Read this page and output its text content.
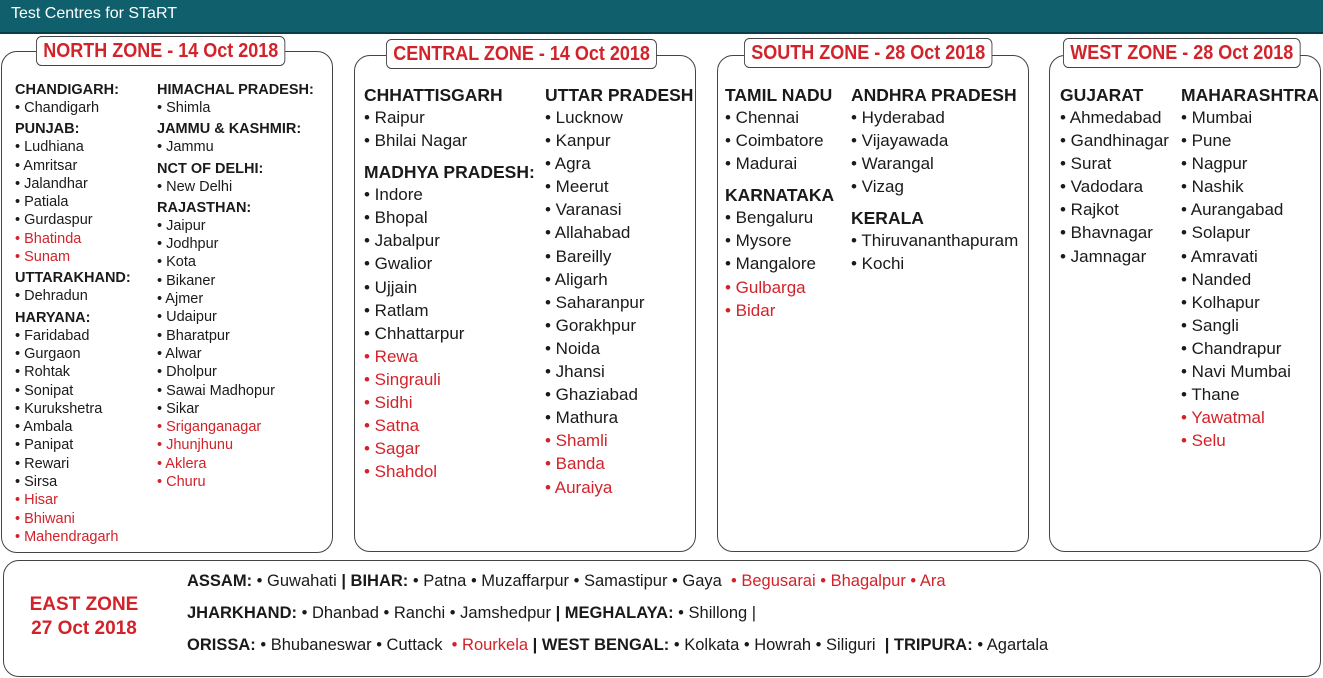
Test Centres for STaRT
NORTH ZONE - 14 Oct 2018
CHANDIGARH:
• Chandigarh
PUNJAB:
• Ludhiana
• Amritsar
• Jalandhar
• Patiala
• Gurdaspur
• Bhatinda
• Sunam
UTTARAKHAND:
• Dehradun
HARYANA:
• Faridabad
• Gurgaon
• Rohtak
• Sonipat
• Kurukshetra
• Ambala
• Panipat
• Rewari
• Sirsa
• Hisar
• Bhiwani
• Mahendragarh
HIMACHAL PRADESH:
• Shimla
JAMMU & KASHMIR:
• Jammu
NCT OF DELHI:
• New Delhi
RAJASTHAN:
• Jaipur
• Jodhpur
• Kota
• Bikaner
• Ajmer
• Udaipur
• Bharatpur
• Alwar
• Dholpur
• Sawai Madhopur
• Sikar
• Sriganganagar
• Jhunjhunu
• Aklera
• Churu
CENTRAL ZONE - 14 Oct 2018
CHHATTISGARH
• Raipur
• Bhilai Nagar
MADHYA PRADESH:
• Indore
• Bhopal
• Jabalpur
• Gwalior
• Ujjain
• Ratlam
• Chhattarpur
• Rewa
• Singrauli
• Sidhi
• Satna
• Sagar
• Shahdol
UTTAR PRADESH
• Lucknow
• Kanpur
• Agra
• Meerut
• Varanasi
• Allahabad
• Bareilly
• Aligarh
• Saharanpur
• Gorakhpur
• Noida
• Jhansi
• Ghaziabad
• Mathura
• Shamli
• Banda
• Auraiya
SOUTH ZONE - 28 Oct 2018
TAMIL NADU
• Chennai
• Coimbatore
• Madurai
KARNATAKA
• Bengaluru
• Mysore
• Mangalore
• Gulbarga
• Bidar
ANDHRA PRADESH
• Hyderabad
• Vijayawada
• Warangal
• Vizag
KERALA
• Thiruvananthapuram
• Kochi
WEST ZONE - 28 Oct 2018
GUJARAT
• Ahmedabad
• Gandhinagar
• Surat
• Vadodara
• Rajkot
• Bhavnagar
• Jamnagar
MAHARASHTRA
• Mumbai
• Pune
• Nagpur
• Nashik
• Aurangabad
• Solapur
• Amravati
• Nanded
• Kolhapur
• Sangli
• Chandrapur
• Navi Mumbai
• Thane
• Yawatmal
• Selu
EAST ZONE
27 Oct 2018
ASSAM: • Guwahati | BIHAR: • Patna • Muzaffarpur • Samastipur • Gaya  • Begusarai • Bhagalpur • Ara
JHARKHAND: • Dhanbad • Ranchi • Jamshedpur | MEGHALAYA: • Shillong |
ORISSA: • Bhubaneswar • Cuttack  • Rourkela | WEST BENGAL: • Kolkata • Howrah • Siliguri  | TRIPURA: • Agartala
